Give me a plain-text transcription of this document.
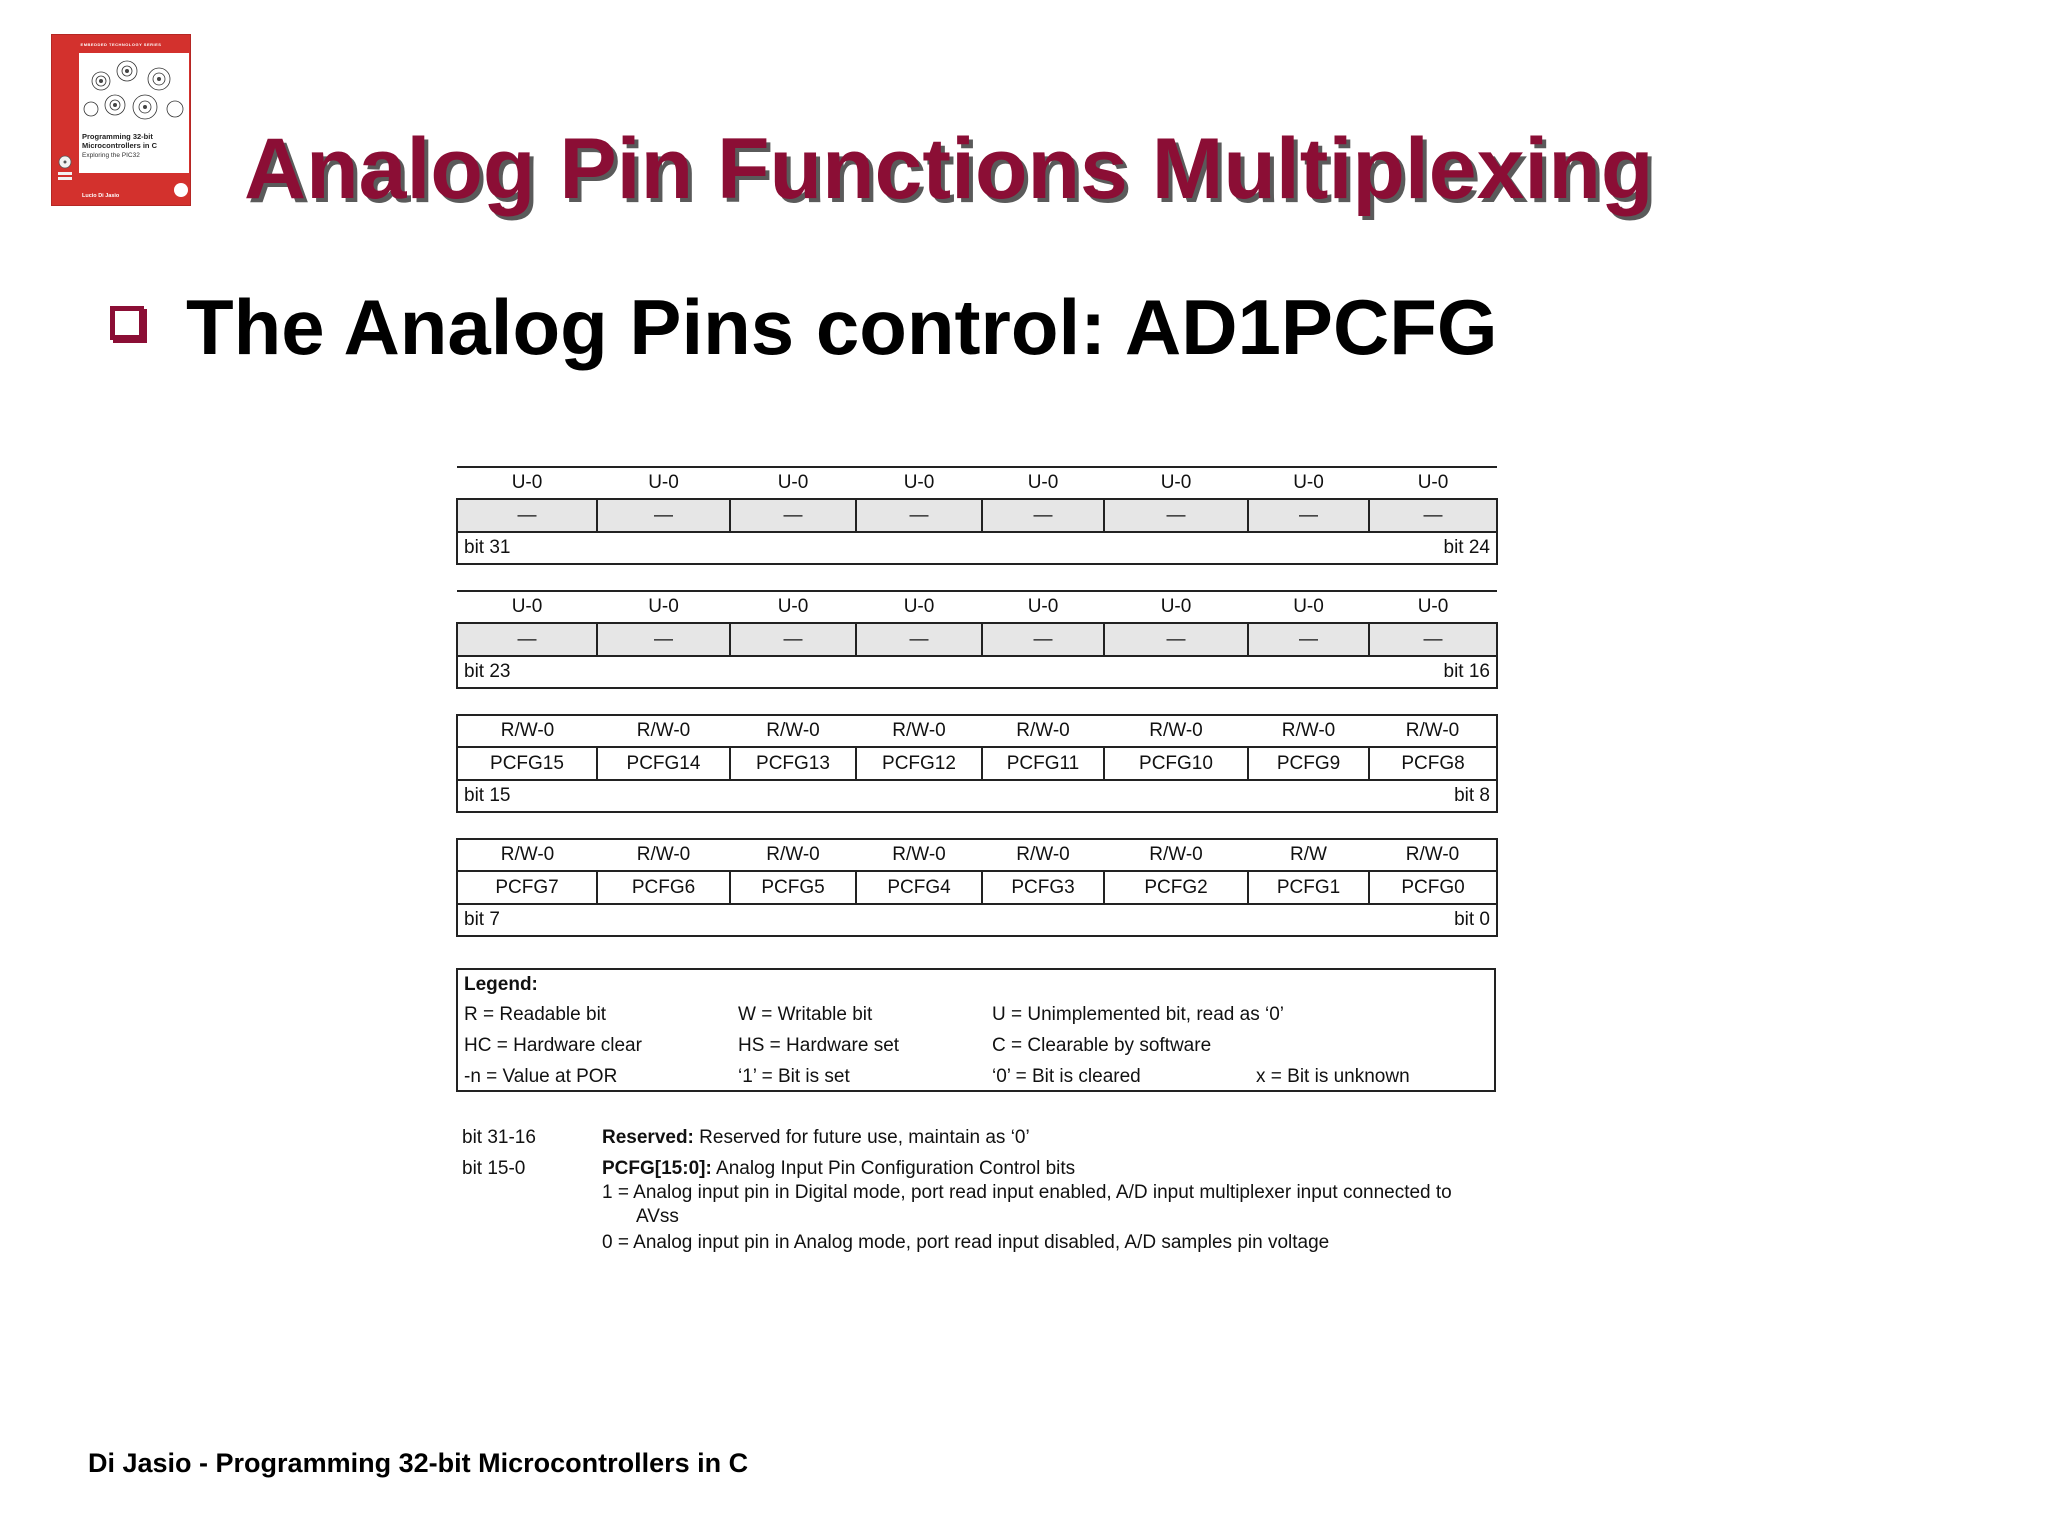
EMBEDDED TECHNOLOGY SERIES
Programming 32-bit Microcontrollers in C
Exploring the PIC32
Lucio Di Jasio Analog Pin Functions Multiplexing
The Analog Pins control: AD1PCFG
U-0	U-0	U-0	U-0	U-0	U-0	U-0	U-0
—	—	—	—	—	—	—	—
bit 31 bit 24							
U-0	U-0	U-0	U-0	U-0	U-0	U-0	U-0
—	—	—	—	—	—	—	—
bit 23 bit 16							
R/W-0	R/W-0	R/W-0	R/W-0	R/W-0	R/W-0	R/W-0	R/W-0
PCFG15	PCFG14	PCFG13	PCFG12	PCFG11	PCFG10	PCFG9	PCFG8
bit 15 bit 8							
R/W-0	R/W-0	R/W-0	R/W-0	R/W-0	R/W-0	R/W	R/W-0
PCFG7	PCFG6	PCFG5	PCFG4	PCFG3	PCFG2	PCFG1	PCFG0
bit 7 bit 0							
Legend:
R = Readable bit	W = Writable bit	U = Unimplemented bit, read as ‘0’
HC = Hardware clear	HS = Hardware set	C = Clearable by software
-n = Value at POR	‘1’ = Bit is set	‘0’ = Bit is cleared	x = Bit is unknown
bit 31-16	Reserved: Reserved for future use, maintain as ‘0’
bit 15-0	PCFG[15:0]: Analog Input Pin Configuration Control bits
1 = Analog input pin in Digital mode, port read input enabled, A/D input multiplexer input connected to
AVss
0 = Analog input pin in Analog mode, port read input disabled, A/D samples pin voltage
Di Jasio - Programming 32-bit Microcontrollers in C
